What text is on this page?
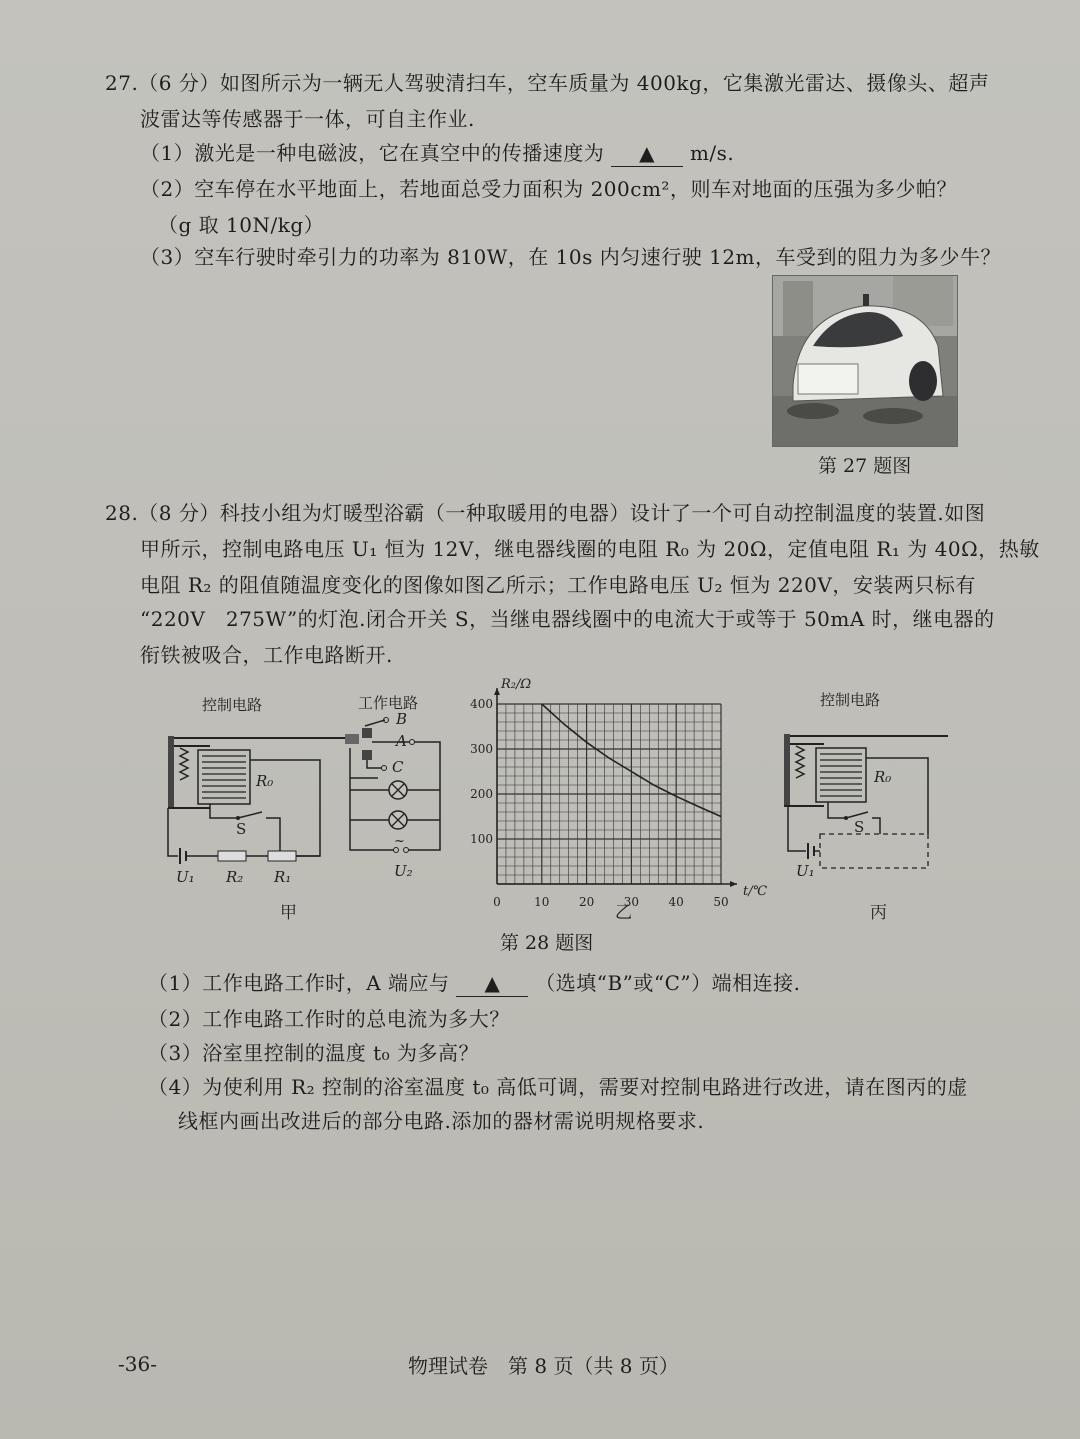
27.（6 分）如图所示为一辆无人驾驶清扫车，空车质量为 400kg，它集激光雷达、摄像头、超声
波雷达等传感器于一体，可自主作业.
（1）激光是一种电磁波，它在真空中的传播速度为 ▲ m/s.
（2）空车停在水平地面上，若地面总受力面积为 200cm²，则车对地面的压强为多少帕？
（g 取 10N/kg）
（3）空车行驶时牵引力的功率为 810W，在 10s 内匀速行驶 12m，车受到的阻力为多少牛？
第 27 题图
28.（8 分）科技小组为灯暖型浴霸（一种取暖用的电器）设计了一个可自动控制温度的装置.如图
甲所示，控制电路电压 U₁ 恒为 12V，继电器线圈的电阻 R₀ 为 20Ω，定值电阻 R₁ 为 40Ω，热敏
电阻 R₂ 的阻值随温度变化的图像如图乙所示；工作电路电压 U₂ 恒为 220V，安装两只标有
“220V　275W”的灯泡.闭合开关 S，当继电器线圈中的电流大于或等于 50mA 时，继电器的
衔铁被吸合，工作电路断开.
控制电路	工作电路
R₀
S
U₁ R₂ R₁
B
A
C
~
U₂
甲
0	10 20 30 40 50
100
200
300
400
R₂/Ω
t/℃
乙
控制电路
R₀
S
U₁
丙
第 28 题图
（1）工作电路工作时，A 端应与 ▲ （选填“B”或“C”）端相连接.
（2）工作电路工作时的总电流为多大？
（3）浴室里控制的温度 t₀ 为多高？
（4）为使利用 R₂ 控制的浴室温度 t₀ 高低可调，需要对控制电路进行改进，请在图丙的虚
线框内画出改进后的部分电路.添加的器材需说明规格要求.
-36-	物理试卷　第 8 页（共 8 页）
